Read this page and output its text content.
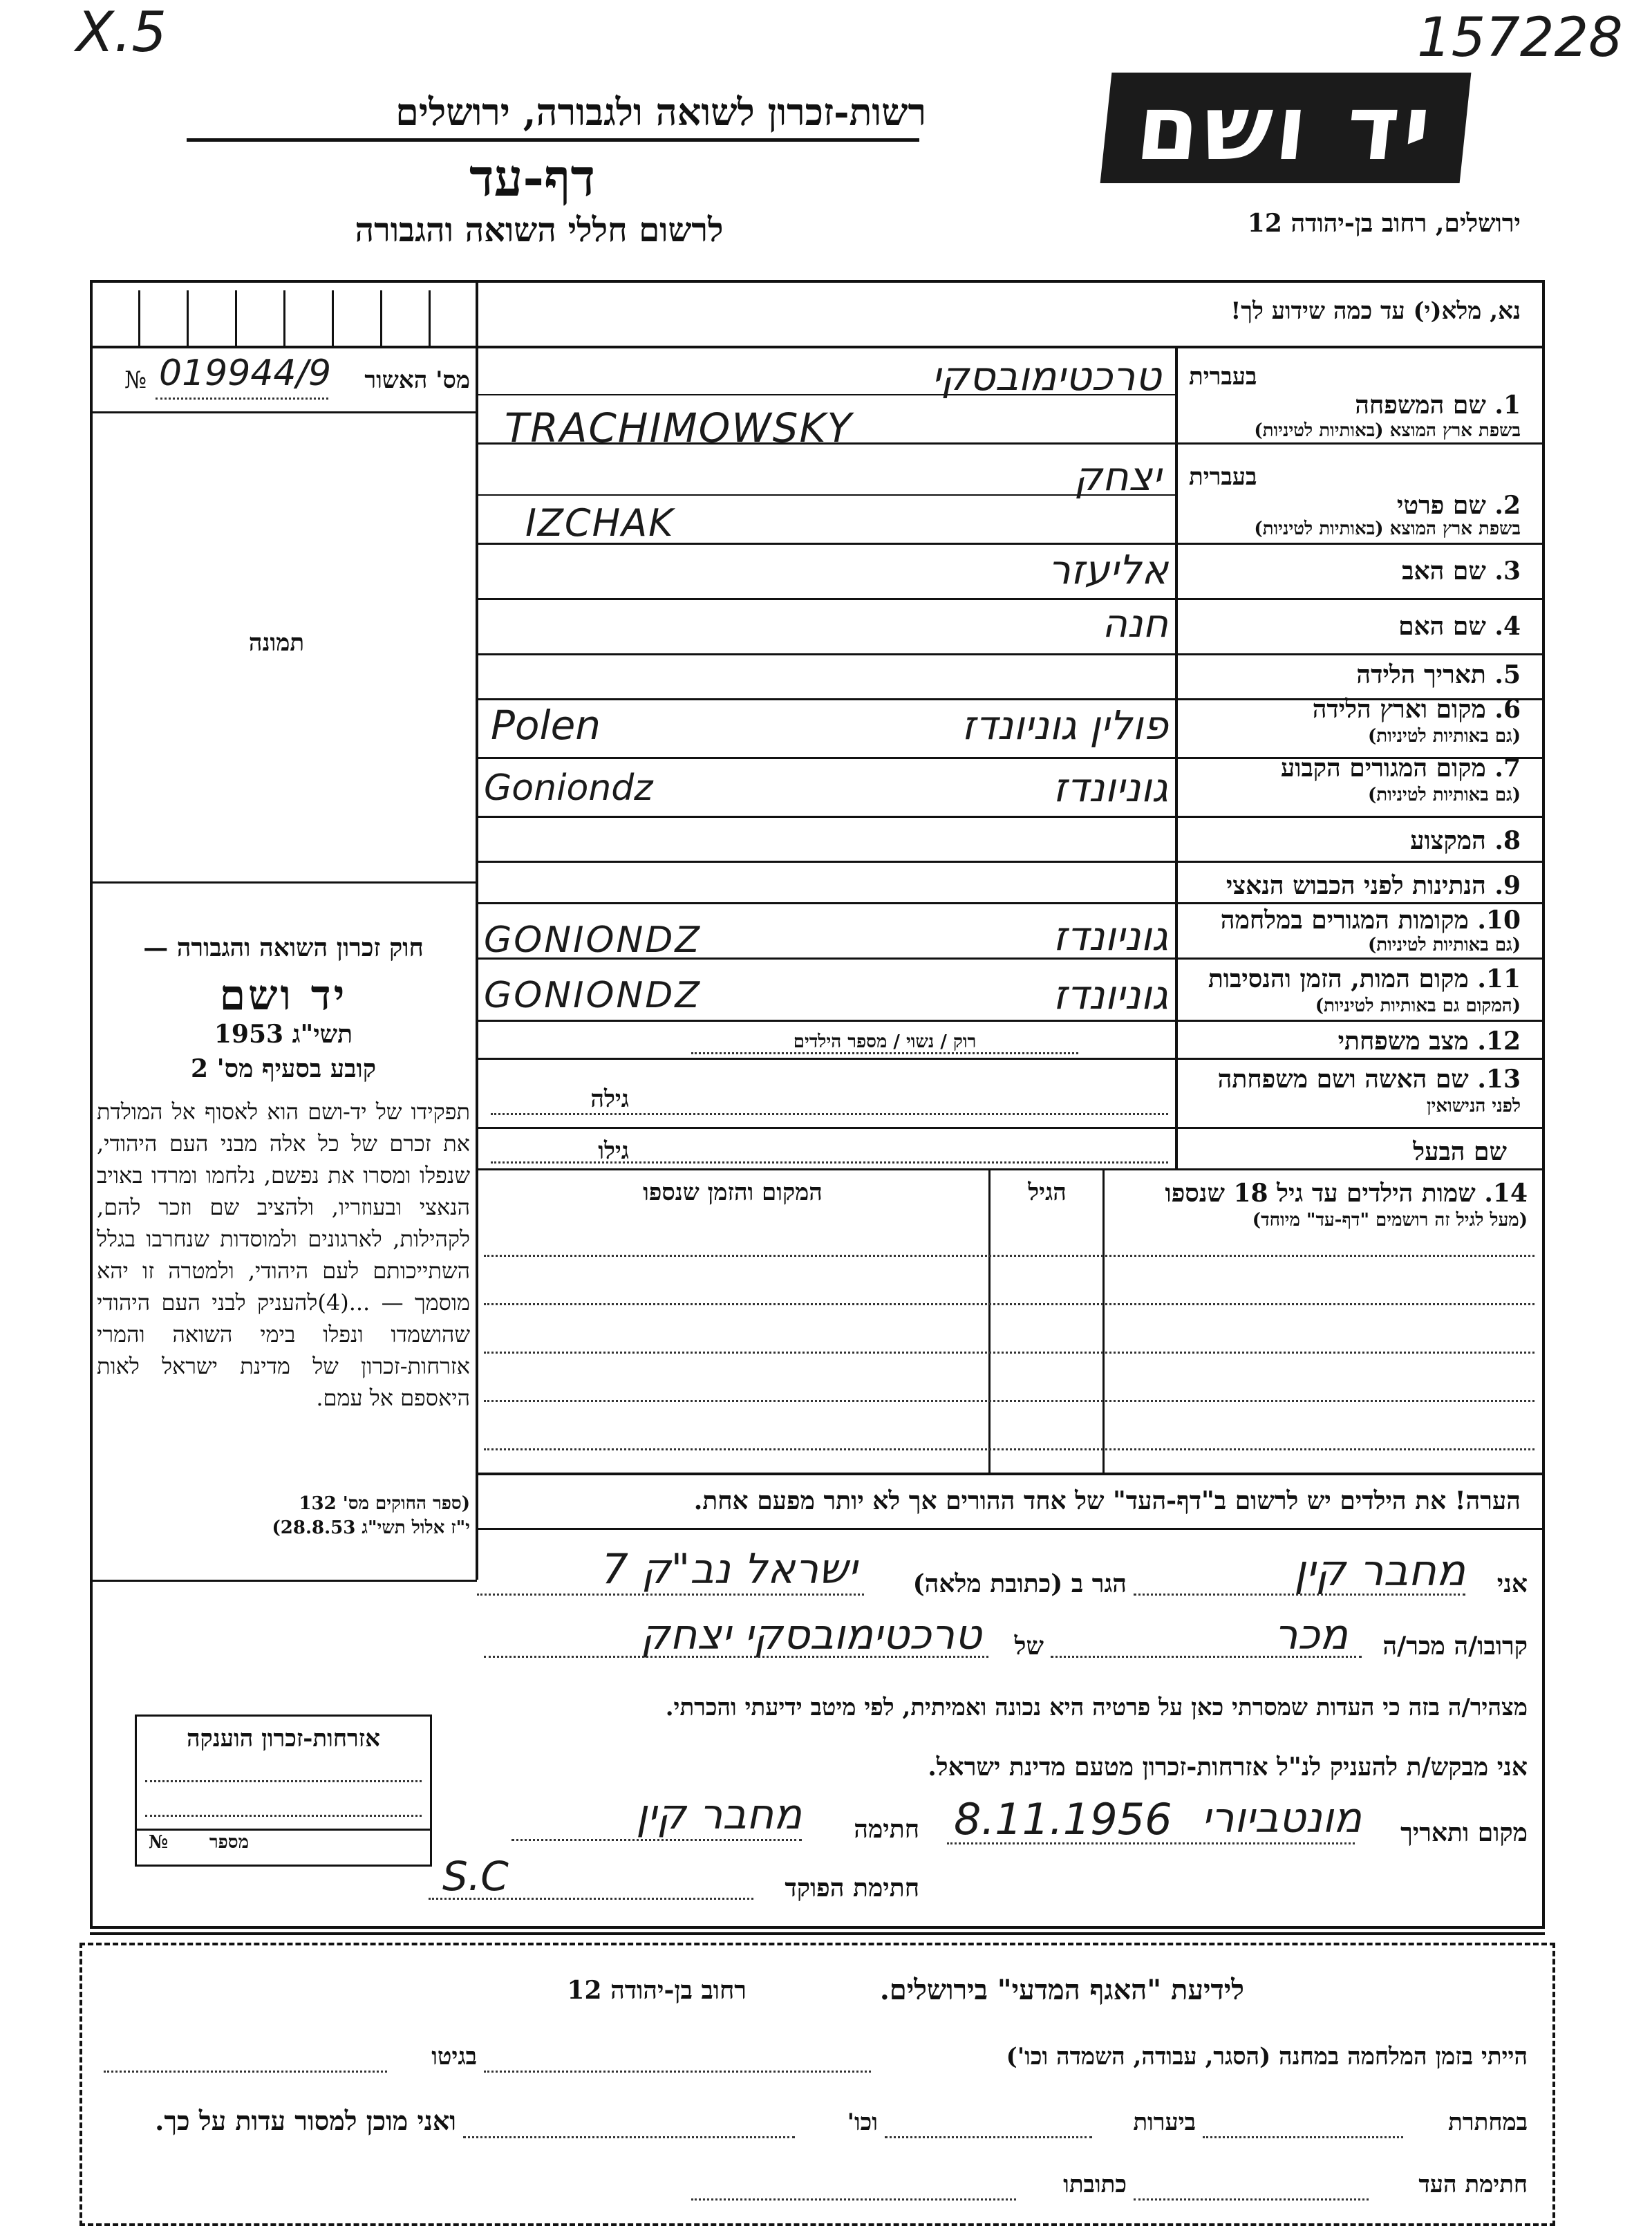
X.5	157228
רשות-זכרון לשואה ולגבורה, ירושלים
דף-עד
לרשום חללי השואה והגבורה
יד ושם
ירושלים, רחוב בן-יהודה 12
מס' האשור
№ 019944/9
תמונה
חוק זכרון השואה והגבורה —
יד ושם
תשי"ג 1953
קובע בסעיף מס' 2
תפקידו של יד-ושם הוא לאסוף אל המולדת את זכרם של כל אלה מבני העם היהודי, שנפלו ומסרו את נפשם, נלחמו ומרדו באויב הנאצי ובעוזריו, ולהציב שם וזכר להם, לקהילות, לארגונים ולמוסדות שנחרבו בגלל השתייכותם לעם היהודי, ולמטרה זו יהא מוסמך — ...(4)להעניק לבני העם היהודי שהושמדו ונפלו בימי השואה והמרי אזרחות-זכרון של מדינת ישראל לאות היאספם אל עמם.
(ספר החוקים מס' 132
י"ז אלול תשי"ג 28.8.53)
נא, מלא(י) עד כמה שידוע לך!
בעברית
1. שם המשפחה
בשפת ארץ המוצא (באותיות לטיניות)
טרכטימובסקי
TRACHIMOWSKY
בעברית
2. שם פרטי
בשפת ארץ המוצא (באותיות לטיניות)
יצחק
IZCHAK
3. שם האב
אליעזר
4. שם האם
חנה
5. תאריך הלידה
6. מקום וארץ הלידה
(גם באותיות לטיניות)
Polen	פולין גוניונדז
7. מקום המגורים הקבוע
(גם באותיות לטיניות)
Goniondz	גוניונדז
8. המקצוע
9. הנתינות לפני הכבוש הנאצי
10. מקומות המגורים במלחמה
(גם באותיות לטיניות)
GONIONDZ	גוניונדז
11. מקום המות, הזמן והנסיבות
(המקום גם באותיות לטיניות)
GONIONDZ	גוניונדז
12. מצב משפחתי
רוק / נשוי / מספר הילדים
13. שם האשה ושם משפחתה
לפני הנישואין
גילה
שם הבעל
גילו
14. שמות הילדים עד גיל 18 שנספו
(מעל לגיל זה רושמים "דף-עד" מיוחד)
הגיל
המקום והזמן שנספו
הערה! את הילדים יש לרשום ב"דף-העד" של אחד ההורים אך לא יותר מפעם אחת.
אני
מחבר קין
הגר ב (כתובת מלאה)
ישראל נב"ק 7
קרובו/ה מכר/ה
מכר
של
טרכטימובסקי יצחק
מצהיר/ה בזה כי העדות שמסרתי כאן על פרטיה היא נכונה ואמיתית, לפי מיטב ידיעתי והכרתי.
אני מבקש/ת להעניק לנ"ל אזרחות-זכרון מטעם מדינת ישראל.
מקום ותאריך
מונטביורי
8.11.1956
חתימה
מחבר קין
חתימת הפוקד
S.C
אזרחות-זכרון הוענקה
מספר
№
לידיעת "האגף המדעי" בירושלים.
רחוב בן-יהודה 12
הייתי בזמן המלחמה במחנה (הסגר, עבודה, השמדה וכו')
בגיטו
במחתרת
ביערות
וכו'
ואני מוכן למסור עדות על כך.
חתימת העד
כתובתו
